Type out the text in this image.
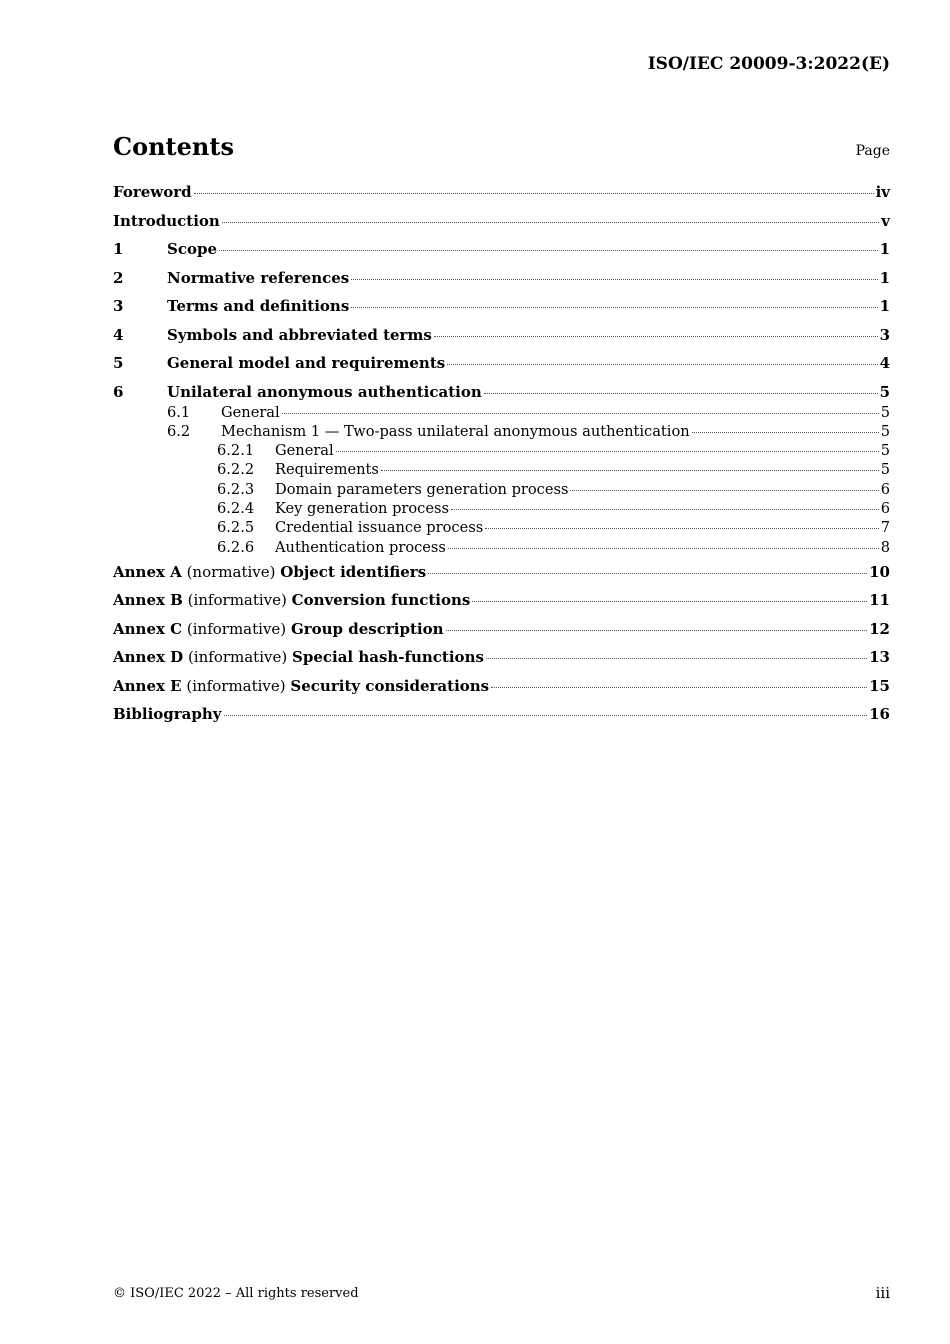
ISO/IEC 20009-3:2022(E)
Contents	Page
Foreword	iv
Introduction	v
1	Scope	1
2	Normative references	1
3	Terms and definitions	1
4	Symbols and abbreviated terms	3
5	General model and requirements	4
6	Unilateral anonymous authentication	5
6.1	General	5
6.2	Mechanism 1 — Two-pass unilateral anonymous authentication	5
6.2.1	General	5
6.2.2	Requirements	5
6.2.3	Domain parameters generation process	6
6.2.4	Key generation process	6
6.2.5	Credential issuance process	7
6.2.6	Authentication process	8
Annex A (normative) Object identifiers	10
Annex B (informative) Conversion functions	11
Annex C (informative) Group description	12
Annex D (informative) Special hash-functions	13
Annex E (informative) Security considerations	15
Bibliography	16
© ISO/IEC 2022 – All rights reserved	iii
